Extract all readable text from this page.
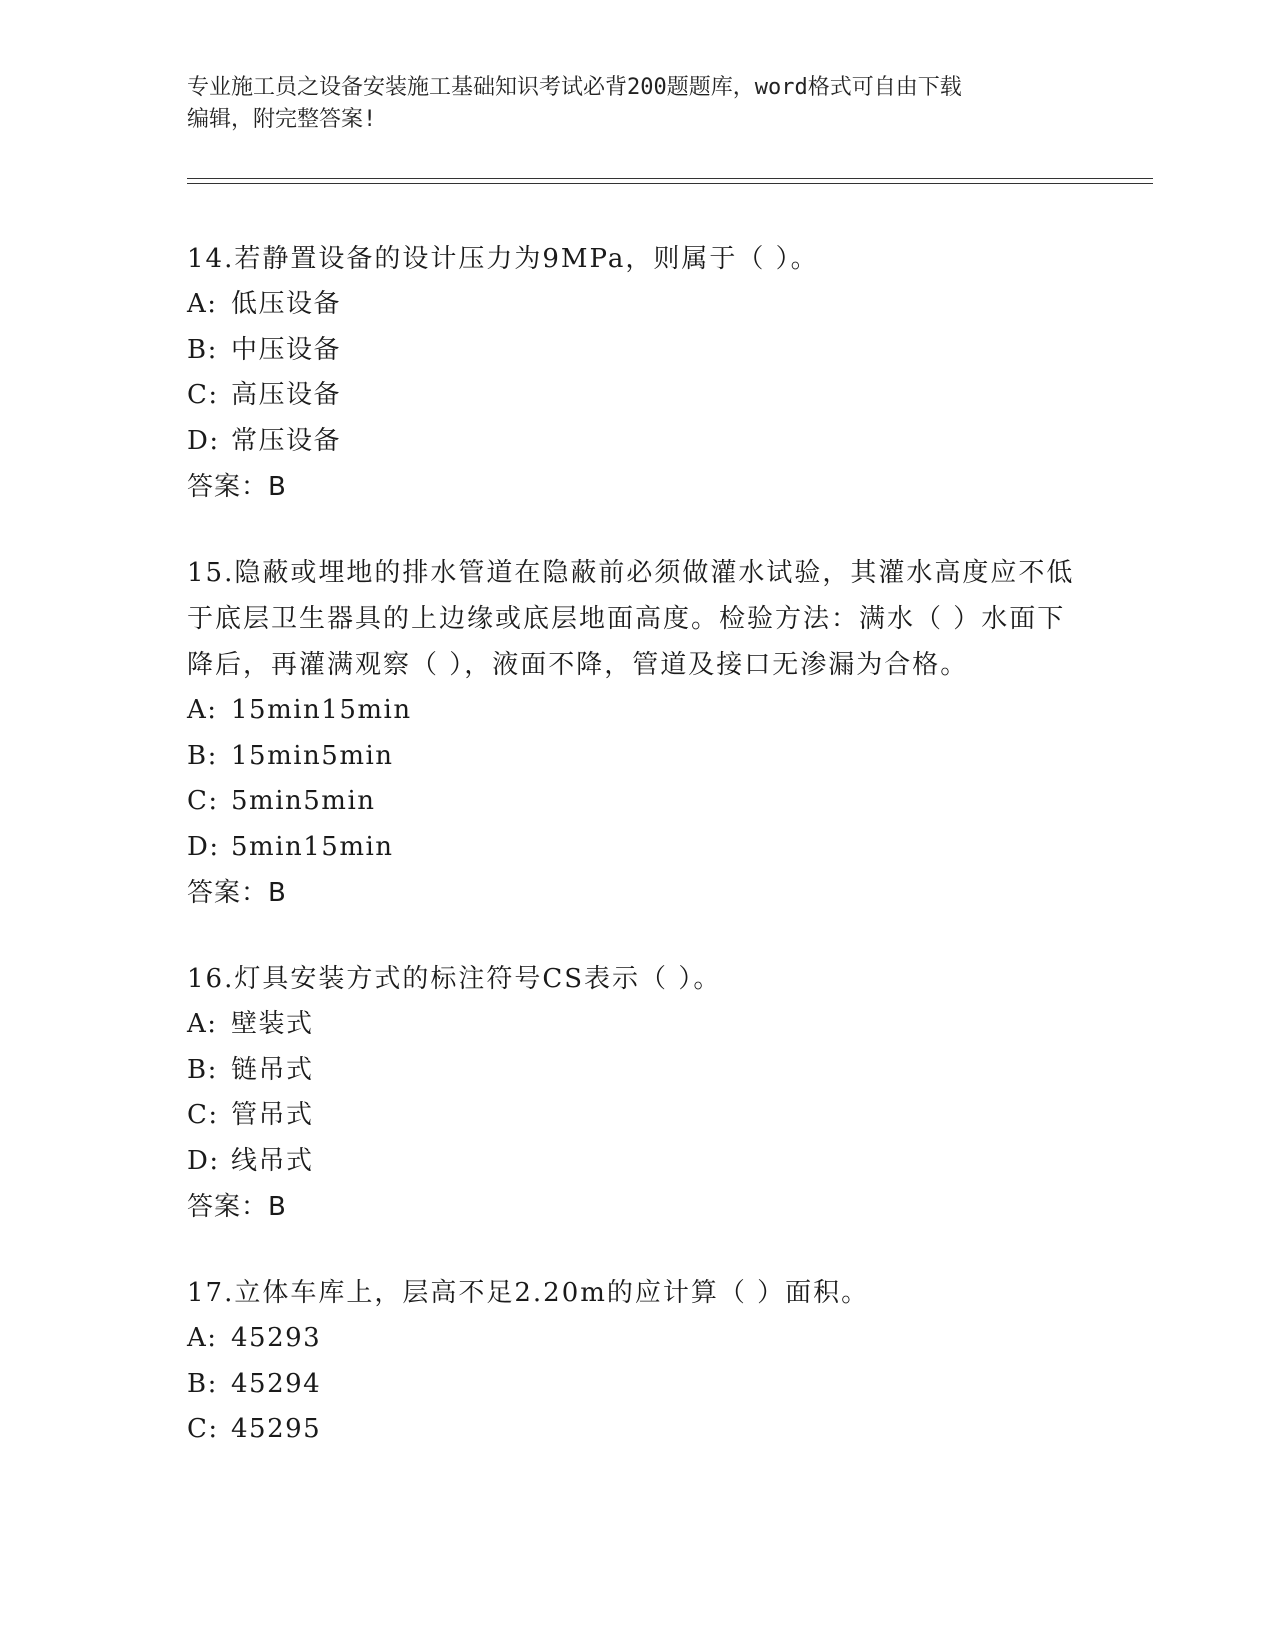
专业施工员之设备安装施工基础知识考试必背200题题库，word格式可自由下载
编辑，附完整答案!

14.若静置设备的设计压力为9MPa，则属于（ ）。

A: 低压设备

B: 中压设备

C: 高压设备

D: 常压设备

答案：B

15.隐蔽或埋地的排水管道在隐蔽前必须做灌水试验，其灌水高度应不低于底层卫生器具的上边缘或底层地面高度。检验方法：满水（ ）水面下降后，再灌满观察（ ），液面不降，管道及接口无渗漏为合格。

A: 15min15min

B: 15min5min

C: 5min5min

D: 5min15min

答案：B

16.灯具安装方式的标注符号CS表示（ ）。

A: 壁装式

B: 链吊式

C: 管吊式

D: 线吊式

答案：B

17.立体车库上，层高不足2.20m的应计算（ ）面积。

A: 45293

B: 45294

C: 45295
